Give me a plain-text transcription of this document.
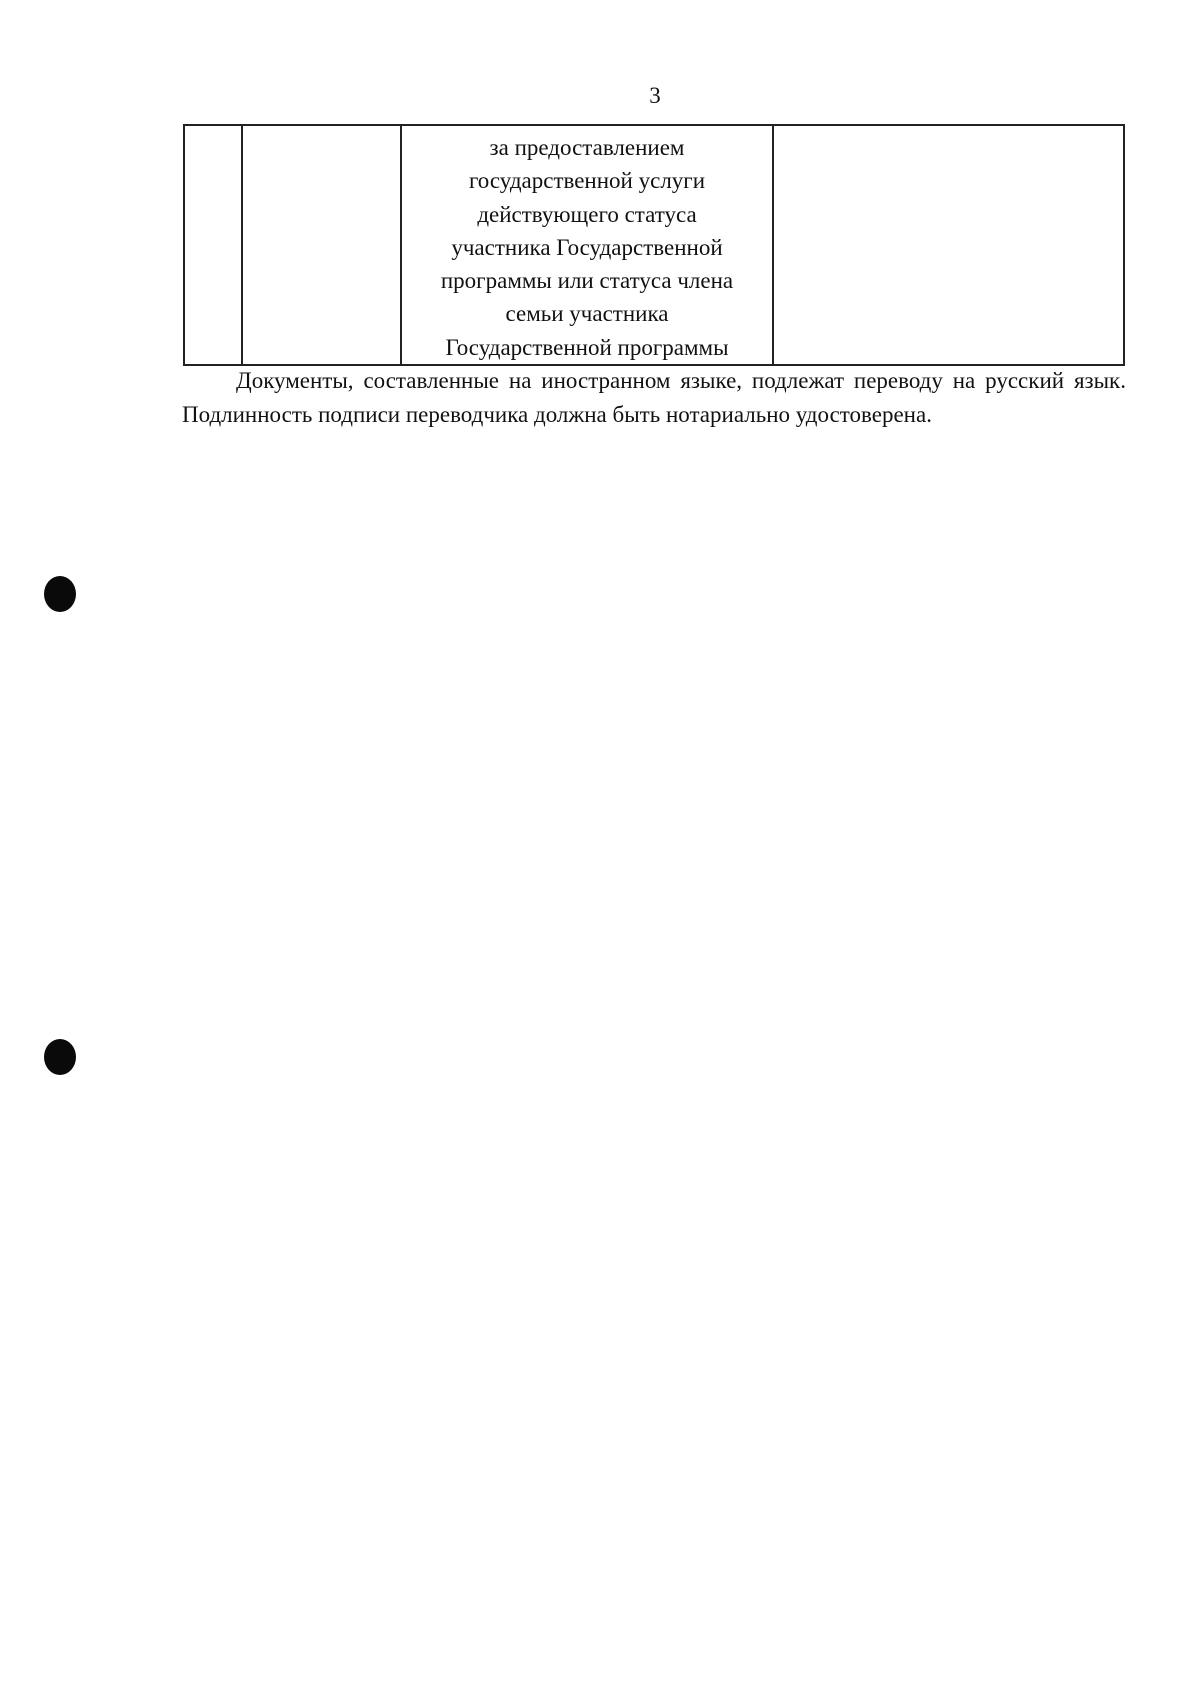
3

за предоставлением
государственной услуги
действующего статуса
участника Государственной
программы или статуса члена
семьи участника
Государственной программы

Документы, составленные на иностранном языке, подлежат переводу на русский язык. Подлинность подписи переводчика должна быть нотариально удостоверена.
